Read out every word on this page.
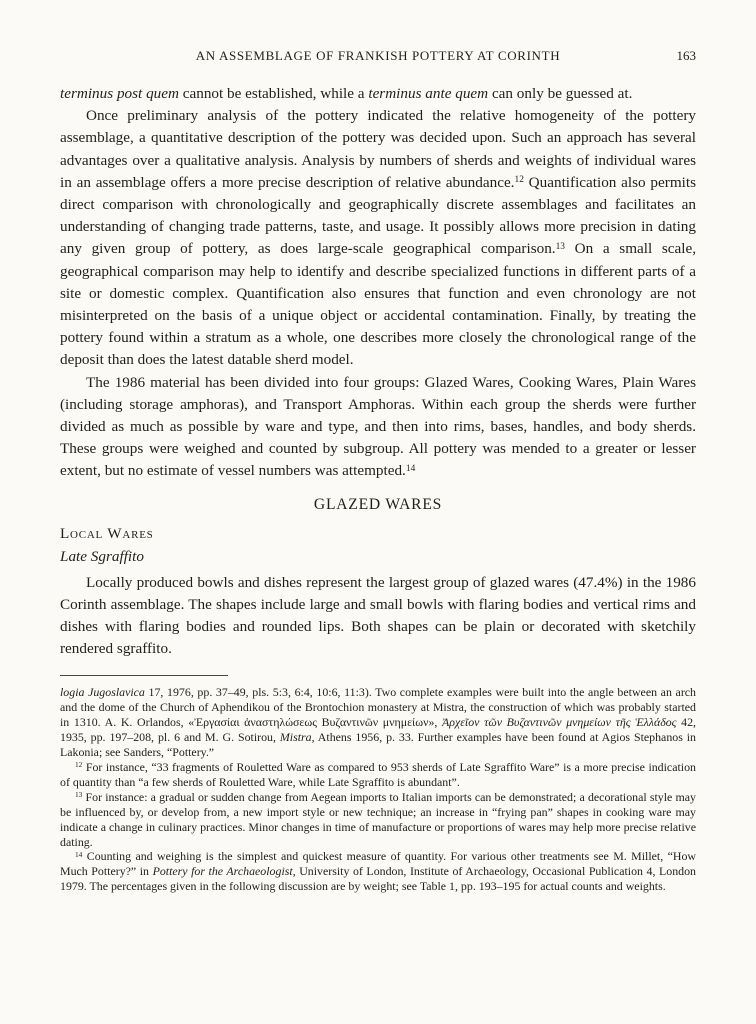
AN ASSEMBLAGE OF FRANKISH POTTERY AT CORINTH	163

terminus post quem cannot be established, while a terminus ante quem can only be guessed at.

Once preliminary analysis of the pottery indicated the relative homogeneity of the pottery assemblage, a quantitative description of the pottery was decided upon. Such an approach has several advantages over a qualitative analysis. Analysis by numbers of sherds and weights of individual wares in an assemblage offers a more precise description of relative abundance.$^{12}$ Quantification also permits direct comparison with chronologically and geographically discrete assemblages and facilitates an understanding of changing trade patterns, taste, and usage. It possibly allows more precision in dating any given group of pottery, as does large-scale geographical comparison.$^{13}$ On a small scale, geographical comparison may help to identify and describe specialized functions in different parts of a site or domestic complex. Quantification also ensures that function and even chronology are not misinterpreted on the basis of a unique object or accidental contamination. Finally, by treating the pottery found within a stratum as a whole, one describes more closely the chronological range of the deposit than does the latest datable sherd model.

The 1986 material has been divided into four groups: Glazed Wares, Cooking Wares, Plain Wares (including storage amphoras), and Transport Amphoras. Within each group the sherds were further divided as much as possible by ware and type, and then into rims, bases, handles, and body sherds. These groups were weighed and counted by subgroup. All pottery was mended to a greater or lesser extent, but no estimate of vessel numbers was attempted.$^{14}$

GLAZED WARES
Local Wares
Late Sgraffito

Locally produced bowls and dishes represent the largest group of glazed wares (47.4%) in the 1986 Corinth assemblage. The shapes include large and small bowls with flaring bodies and vertical rims and dishes with flaring bodies and rounded lips. Both shapes can be plain or decorated with sketchily rendered sgraffito.

logia Jugoslavica 17, 1976, pp. 37–49, pls. 5:3, 6:4, 10:6, 11:3). Two complete examples were built into the angle between an arch and the dome of the Church of Aphendikou of the Brontochion monastery at Mistra, the construction of which was probably started in 1310. A. K. Orlandos, «Ἐργασίαι ἀναστηλώσεως Βυζαντινῶν μνημείων», Ἀρχεῖον τῶν Βυζαντινῶν μνημείων τῆς Ἑλλάδος 42, 1935, pp. 197–208, pl. 6 and M. G. Sotirou, Mistra, Athens 1956, p. 33. Further examples have been found at Agios Stephanos in Lakonia; see Sanders, “Pottery.”

$^{12}$ For instance, “33 fragments of Rouletted Ware as compared to 953 sherds of Late Sgraffito Ware” is a more precise indication of quantity than “a few sherds of Rouletted Ware, while Late Sgraffito is abundant”.

$^{13}$ For instance: a gradual or sudden change from Aegean imports to Italian imports can be demonstrated; a decorational style may be influenced by, or develop from, a new import style or new technique; an increase in “frying pan” shapes in cooking ware may indicate a change in culinary practices. Minor changes in time of manufacture or proportions of wares may help more precise relative dating.

$^{14}$ Counting and weighing is the simplest and quickest measure of quantity. For various other treatments see M. Millet, “How Much Pottery?” in Pottery for the Archaeologist, University of London, Institute of Archaeology, Occasional Publication 4, London 1979. The percentages given in the following discussion are by weight; see Table 1, pp. 193–195 for actual counts and weights.
